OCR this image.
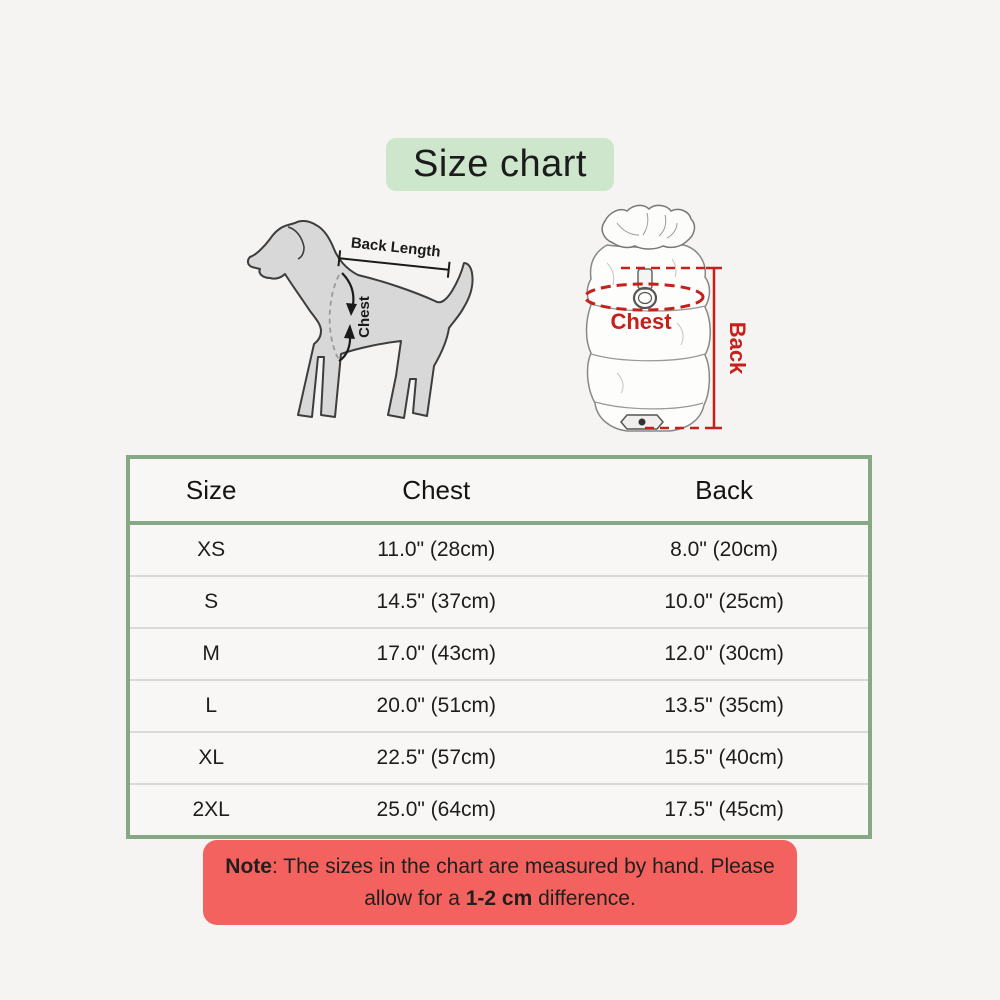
Size chart
Chest
Back Length
Chest
Back
Size	Chest	Back
XS	11.0" (28cm)	8.0" (20cm)
S	14.5" (37cm)	10.0" (25cm)
M	17.0" (43cm)	12.0" (30cm)
L	20.0" (51cm)	13.5" (35cm)
XL	22.5" (57cm)	15.5" (40cm)
2XL	25.0" (64cm)	17.5" (45cm)
Note: The sizes in the chart are measured by hand. Please allow for a 1-2 cm difference.
